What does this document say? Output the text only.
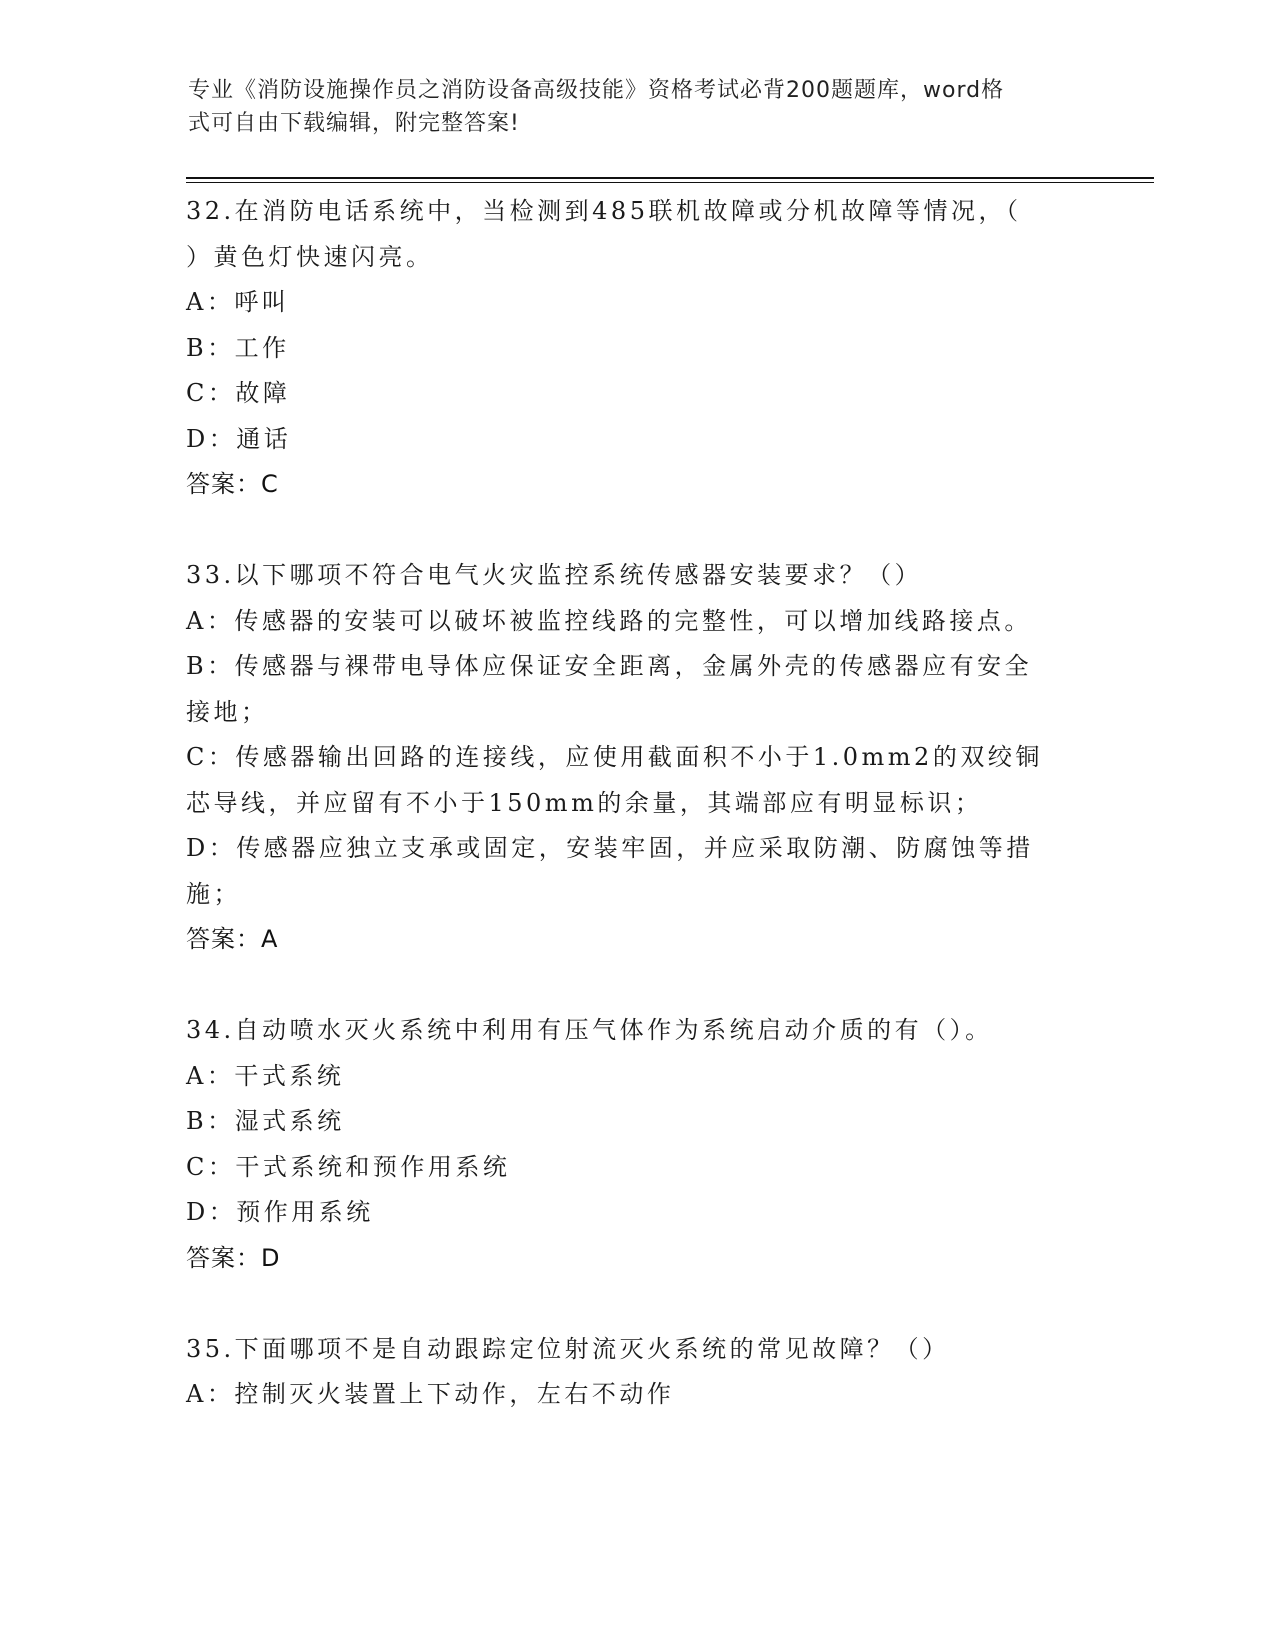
专业《消防设施操作员之消防设备高级技能》资格考试必背200题题库，word格
式可自由下载编辑，附完整答案!
32.在消防电话系统中，当检测到485联机故障或分机故障等情况，（
）黄色灯快速闪亮。
A：呼叫
B：工作
C：故障
D：通话
答案：C
33.以下哪项不符合电气火灾监控系统传感器安装要求？（）
A：传感器的安装可以破坏被监控线路的完整性，可以增加线路接点。
B：传感器与裸带电导体应保证安全距离，金属外壳的传感器应有安全
接地；
C：传感器输出回路的连接线，应使用截面积不小于1.0mm2的双绞铜
芯导线，并应留有不小于150mm的余量，其端部应有明显标识；
D：传感器应独立支承或固定，安装牢固，并应采取防潮、防腐蚀等措
施；
答案：A
34.自动喷水灭火系统中利用有压气体作为系统启动介质的有（）。
A：干式系统
B：湿式系统
C：干式系统和预作用系统
D：预作用系统
答案：D
35.下面哪项不是自动跟踪定位射流灭火系统的常见故障？（）
A：控制灭火装置上下动作，左右不动作
